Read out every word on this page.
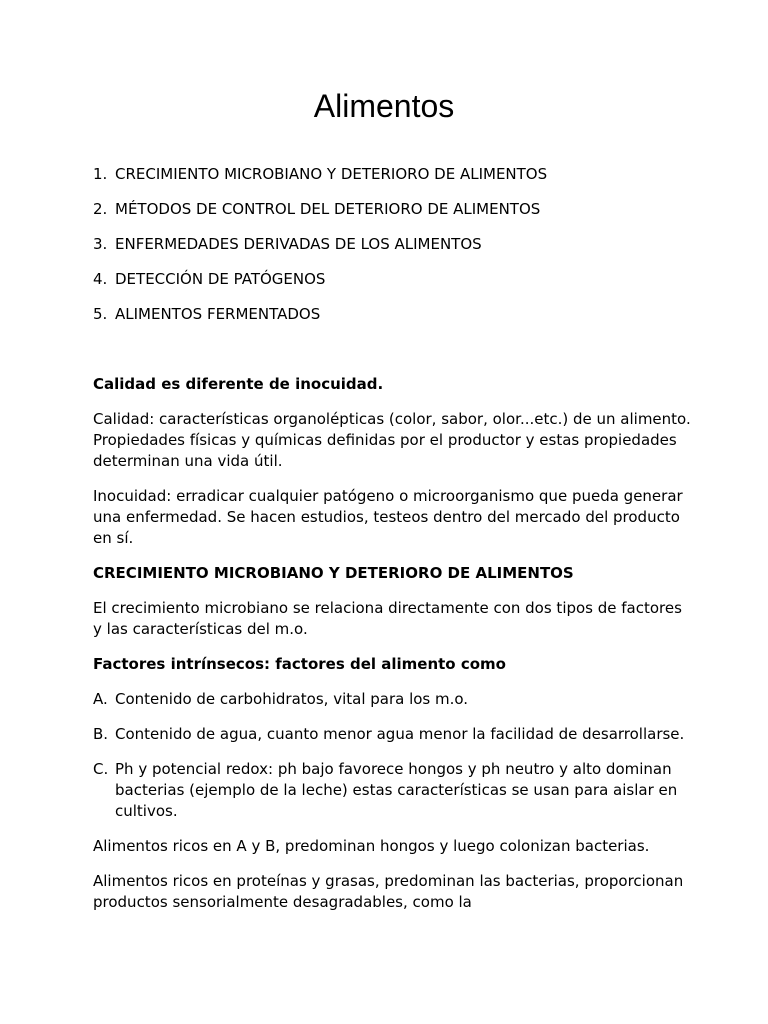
Alimentos
1. CRECIMIENTO MICROBIANO Y DETERIORO DE ALIMENTOS
2. MÉTODOS DE CONTROL DEL DETERIORO DE ALIMENTOS
3. ENFERMEDADES DERIVADAS DE LOS ALIMENTOS
4. DETECCIÓN DE PATÓGENOS
5. ALIMENTOS FERMENTADOS

Calidad es diferente de inocuidad.

Calidad: características organolépticas (color, sabor, olor...etc.) de un alimento. Propiedades físicas y químicas definidas por el productor y estas propiedades determinan una vida útil.

Inocuidad: erradicar cualquier patógeno o microorganismo que pueda generar una enfermedad. Se hacen estudios, testeos dentro del mercado del producto en sí.

CRECIMIENTO MICROBIANO Y DETERIORO DE ALIMENTOS

El crecimiento microbiano se relaciona directamente con dos tipos de factores y las características del m.o.

Factores intrínsecos: factores del alimento como

A. Contenido de carbohidratos, vital para los m.o.
B. Contenido de agua, cuanto menor agua menor la facilidad de desarrollarse.
C. Ph y potencial redox: ph bajo favorece hongos y ph neutro y alto dominan bacterias (ejemplo de la leche) estas características se usan para aislar en cultivos.

Alimentos ricos en A y B, predominan hongos y luego colonizan bacterias.

Alimentos ricos en proteínas y grasas, predominan las bacterias, proporcionan productos sensorialmente desagradables, como la
